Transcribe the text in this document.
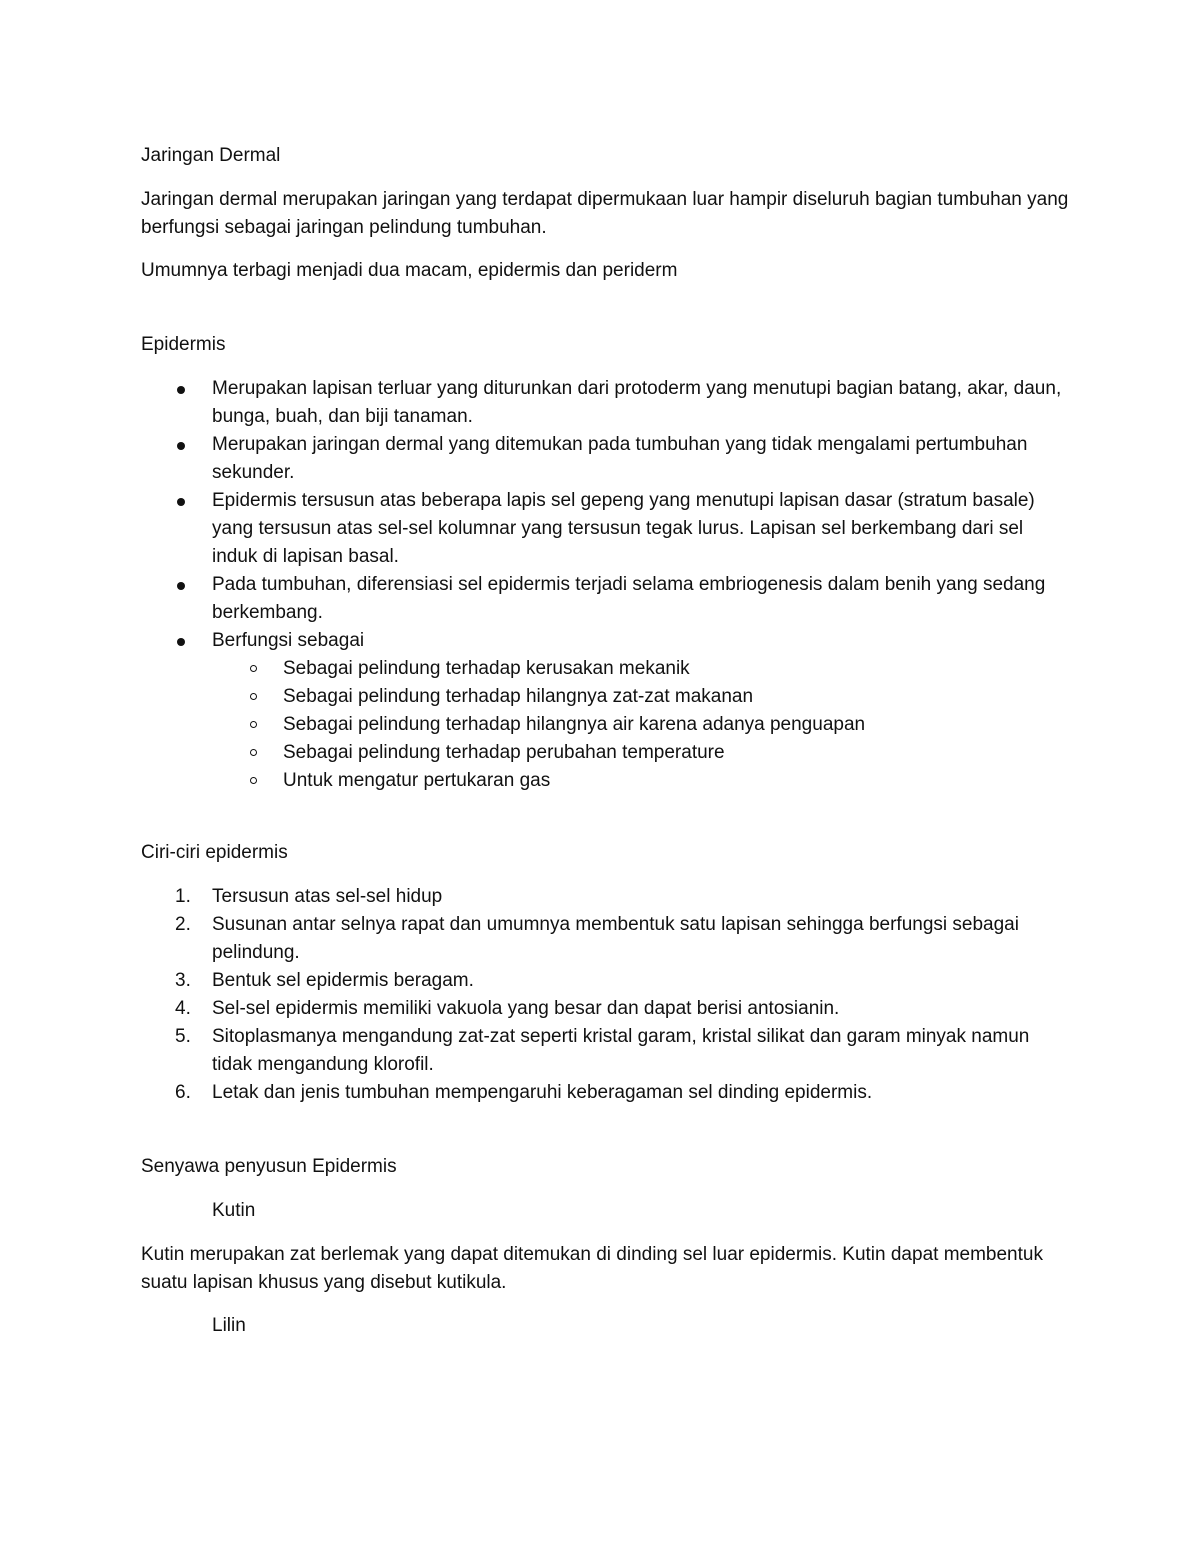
Jaringan Dermal

Jaringan dermal merupakan jaringan yang terdapat dipermukaan luar hampir diseluruh bagian tumbuhan yang berfungsi sebagai jaringan pelindung tumbuhan.

Umumnya terbagi menjadi dua macam, epidermis dan periderm

Epidermis

Merupakan lapisan terluar yang diturunkan dari protoderm yang menutupi bagian batang, akar, daun, bunga, buah, dan biji tanaman.
Merupakan jaringan dermal yang ditemukan pada tumbuhan yang tidak mengalami pertumbuhan sekunder.
Epidermis tersusun atas beberapa lapis sel gepeng yang menutupi lapisan dasar (stratum basale) yang tersusun atas sel-sel kolumnar yang tersusun tegak lurus. Lapisan sel berkembang dari sel induk di lapisan basal.
Pada tumbuhan, diferensiasi sel epidermis terjadi selama embriogenesis dalam benih yang sedang berkembang.
Berfungsi sebagai
Sebagai pelindung terhadap kerusakan mekanik
Sebagai pelindung terhadap hilangnya zat-zat makanan
Sebagai pelindung terhadap hilangnya air karena adanya penguapan
Sebagai pelindung terhadap perubahan temperature
Untuk mengatur pertukaran gas

Ciri-ciri epidermis

1. Tersusun atas sel-sel hidup
2. Susunan antar selnya rapat dan umumnya membentuk satu lapisan sehingga berfungsi sebagai pelindung.
3. Bentuk sel epidermis beragam.
4. Sel-sel epidermis memiliki vakuola yang besar dan dapat berisi antosianin.
5. Sitoplasmanya mengandung zat-zat seperti kristal garam, kristal silikat dan garam minyak namun tidak mengandung klorofil.
6. Letak dan jenis tumbuhan mempengaruhi keberagaman sel dinding epidermis.

Senyawa penyusun Epidermis

Kutin

Kutin merupakan zat berlemak yang dapat ditemukan di dinding sel luar epidermis. Kutin dapat membentuk suatu lapisan khusus yang disebut kutikula.

Lilin
